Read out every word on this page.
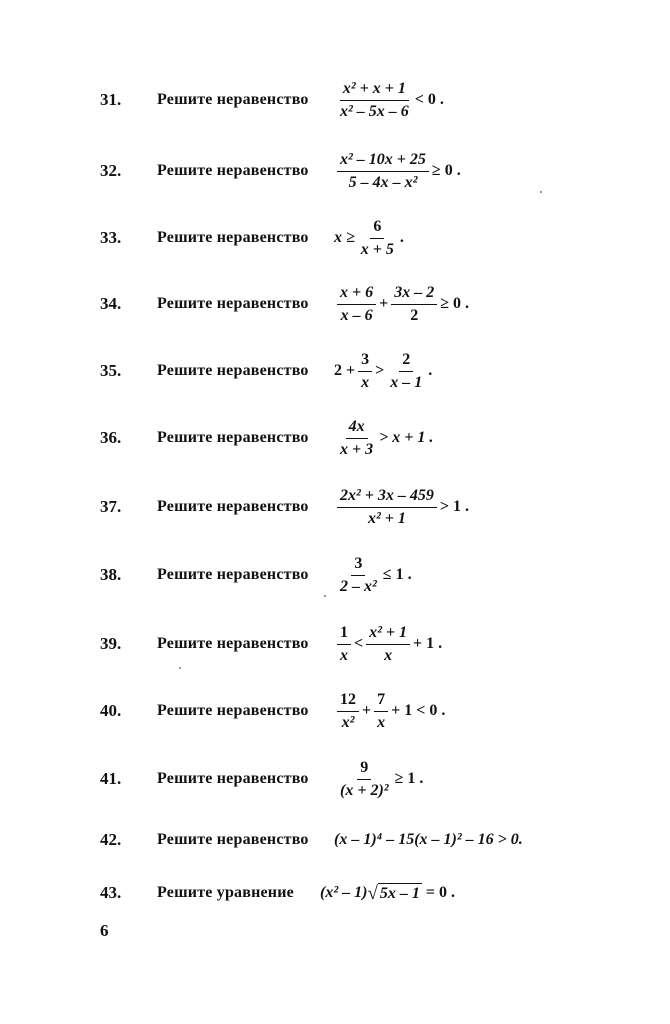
31. Решите неравенство $\frac{\text{x² + x + 1}}{\text{x² – 5x – 6}} < 0$ .
32. Решите неравенство $\frac{\text{x² – 10x + 25}}{\text{5 – 4x – x²}} \ge 0$ .
33. Решите неравенство $x \ge \frac{6}{x + 5}$ .
34. Решите неравенство $\frac{x + 6}{x - 6} + \frac{3x - 2}{2} \ge 0$ .
35. Решите неравенство $2 + \frac{3}{x} > \frac{2}{x - 1}$ .
36. Решите неравенство $\frac{4x}{x + 3} > x + 1$ .
37. Решите неравенство $\frac{\text{2x² + 3x – 459}}{\text{x² + 1}} > 1$ .
38. Решите неравенство $\frac{3}{\text{2 – x²}} \le 1$ .
39. Решите неравенство $\frac{1}{x} < \frac{\text{x² + 1}}{x} + 1$ .
40. Решите неравенство $\frac{12}{\text{x²}} + \frac{7}{x} + 1 < 0$ .
41. Решите неравенство $\frac{9}{\text{(x + 2)²}} \ge 1$ .
42. Решите неравенство (x – 1)⁴ – 15(x – 1)² – 16 > 0.
43. Решите уравнение (x² – 1) √ 5x – 1 = 0 .
6
